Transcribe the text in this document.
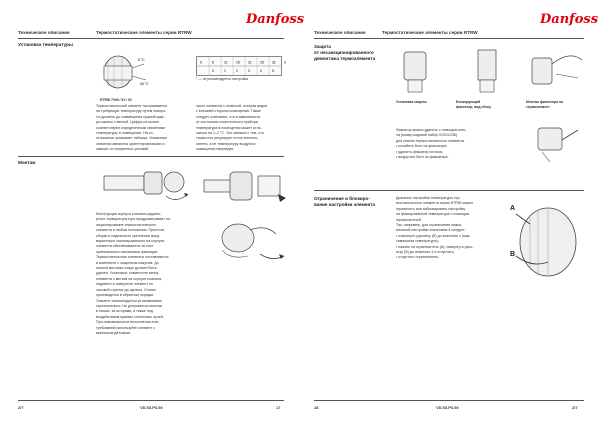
Техническое описание	Термостатические элементы серии RTRW
Danfoss
Установка температуры
5 °C
26 °C
RTRW 7090 / 91 / 92
0	6	11 16 21 26 31 3
0	1	2	3	4	5
* — не рекомендуется настройка
Термостатический элемент настраивается
на требуемую температуру путем поворо-
та рукоятки до совмещения нужной циф-
ры шкалы с меткой. Цифры на шкале
соответствуют определенным значениям
температуры в помещении. На со-
отношение указывает таблица. Указанные
значения являются ориентировочными и
зависят от конкретных условий.
часть элемента с отметкой, которая видна
с внешней стороны помещения. Также
следует учитывать, что в зависимости
от состояния отопительного прибора
температура в помещении может отли-
чаться на 1–2 °С. Это связано с тем, что
термостат регулирует поток теплоно-
сителя, а не температуру воздуха в
помещении напрямую.
Монтаж
Конструкция корпуса клапана радиато-
рного терморегулятора предусматривает по-
зиционирование термостатического
элемента в любом положении. Простота
сборки и надежность крепления пред-
варительно смонтированного на корпусе
элемента обеспечиваются за счет
оригинального механизма фиксации.
Термостатические элементы поставляются
в комплекте с защитным кожухом. До
начала монтажа кожух должен быть
удален. Установка: совместите метку
элемента с меткой на корпусе клапана,
надавите и поверните элемент по
часовой стрелке до щелчка. Снятие
производится в обратном порядке.
Элемент рекомендуется устанавливать
горизонтально. Не допускается монтаж
в нишах, за шторами, а также под
воздействием прямых солнечных лучей.
При невозможности выполнения этих
требований используйте элемент с
выносным датчиком.
2/7	VD.53.P3.50	17
Техническое описание	Термостатические элементы серии RTRW
Danfoss
Защита
от несанкционированного
демонтажа термоэлемента
Установка защиты	Блокирующий
фиксатор, вид сбоку
Монтаж фиксатора на
термоэлемент
Фиксатор можно удалить с помощью клю-
ча (номер кодовой набор 013G1236)
для снятия термостатического элемента.
• ослабить болт на фиксаторе;
• удалить фиксатор из паза;
• выкрутить болт из фиксатора.
Ограничение и блокиро-
вание настройки элемента
Диапазон настройки температуры тер-
мостатического элемента серии RTRW можно
ограничить или заблокировать настройку
на фиксированной температуре с помощью
ограничителей.
Так, например, для ограничения макси-
мальной настройки значением 4 следует:
• повернуть рукоятку (B) до значения 4 (мак-
симальная температура);
• нажать на ограничитель (A), повернуть руко-
ятку (B) до значения 4 и отпустить;
• отпустить ограничитель.
A
B
18	VD.53.P3.50	2/7
